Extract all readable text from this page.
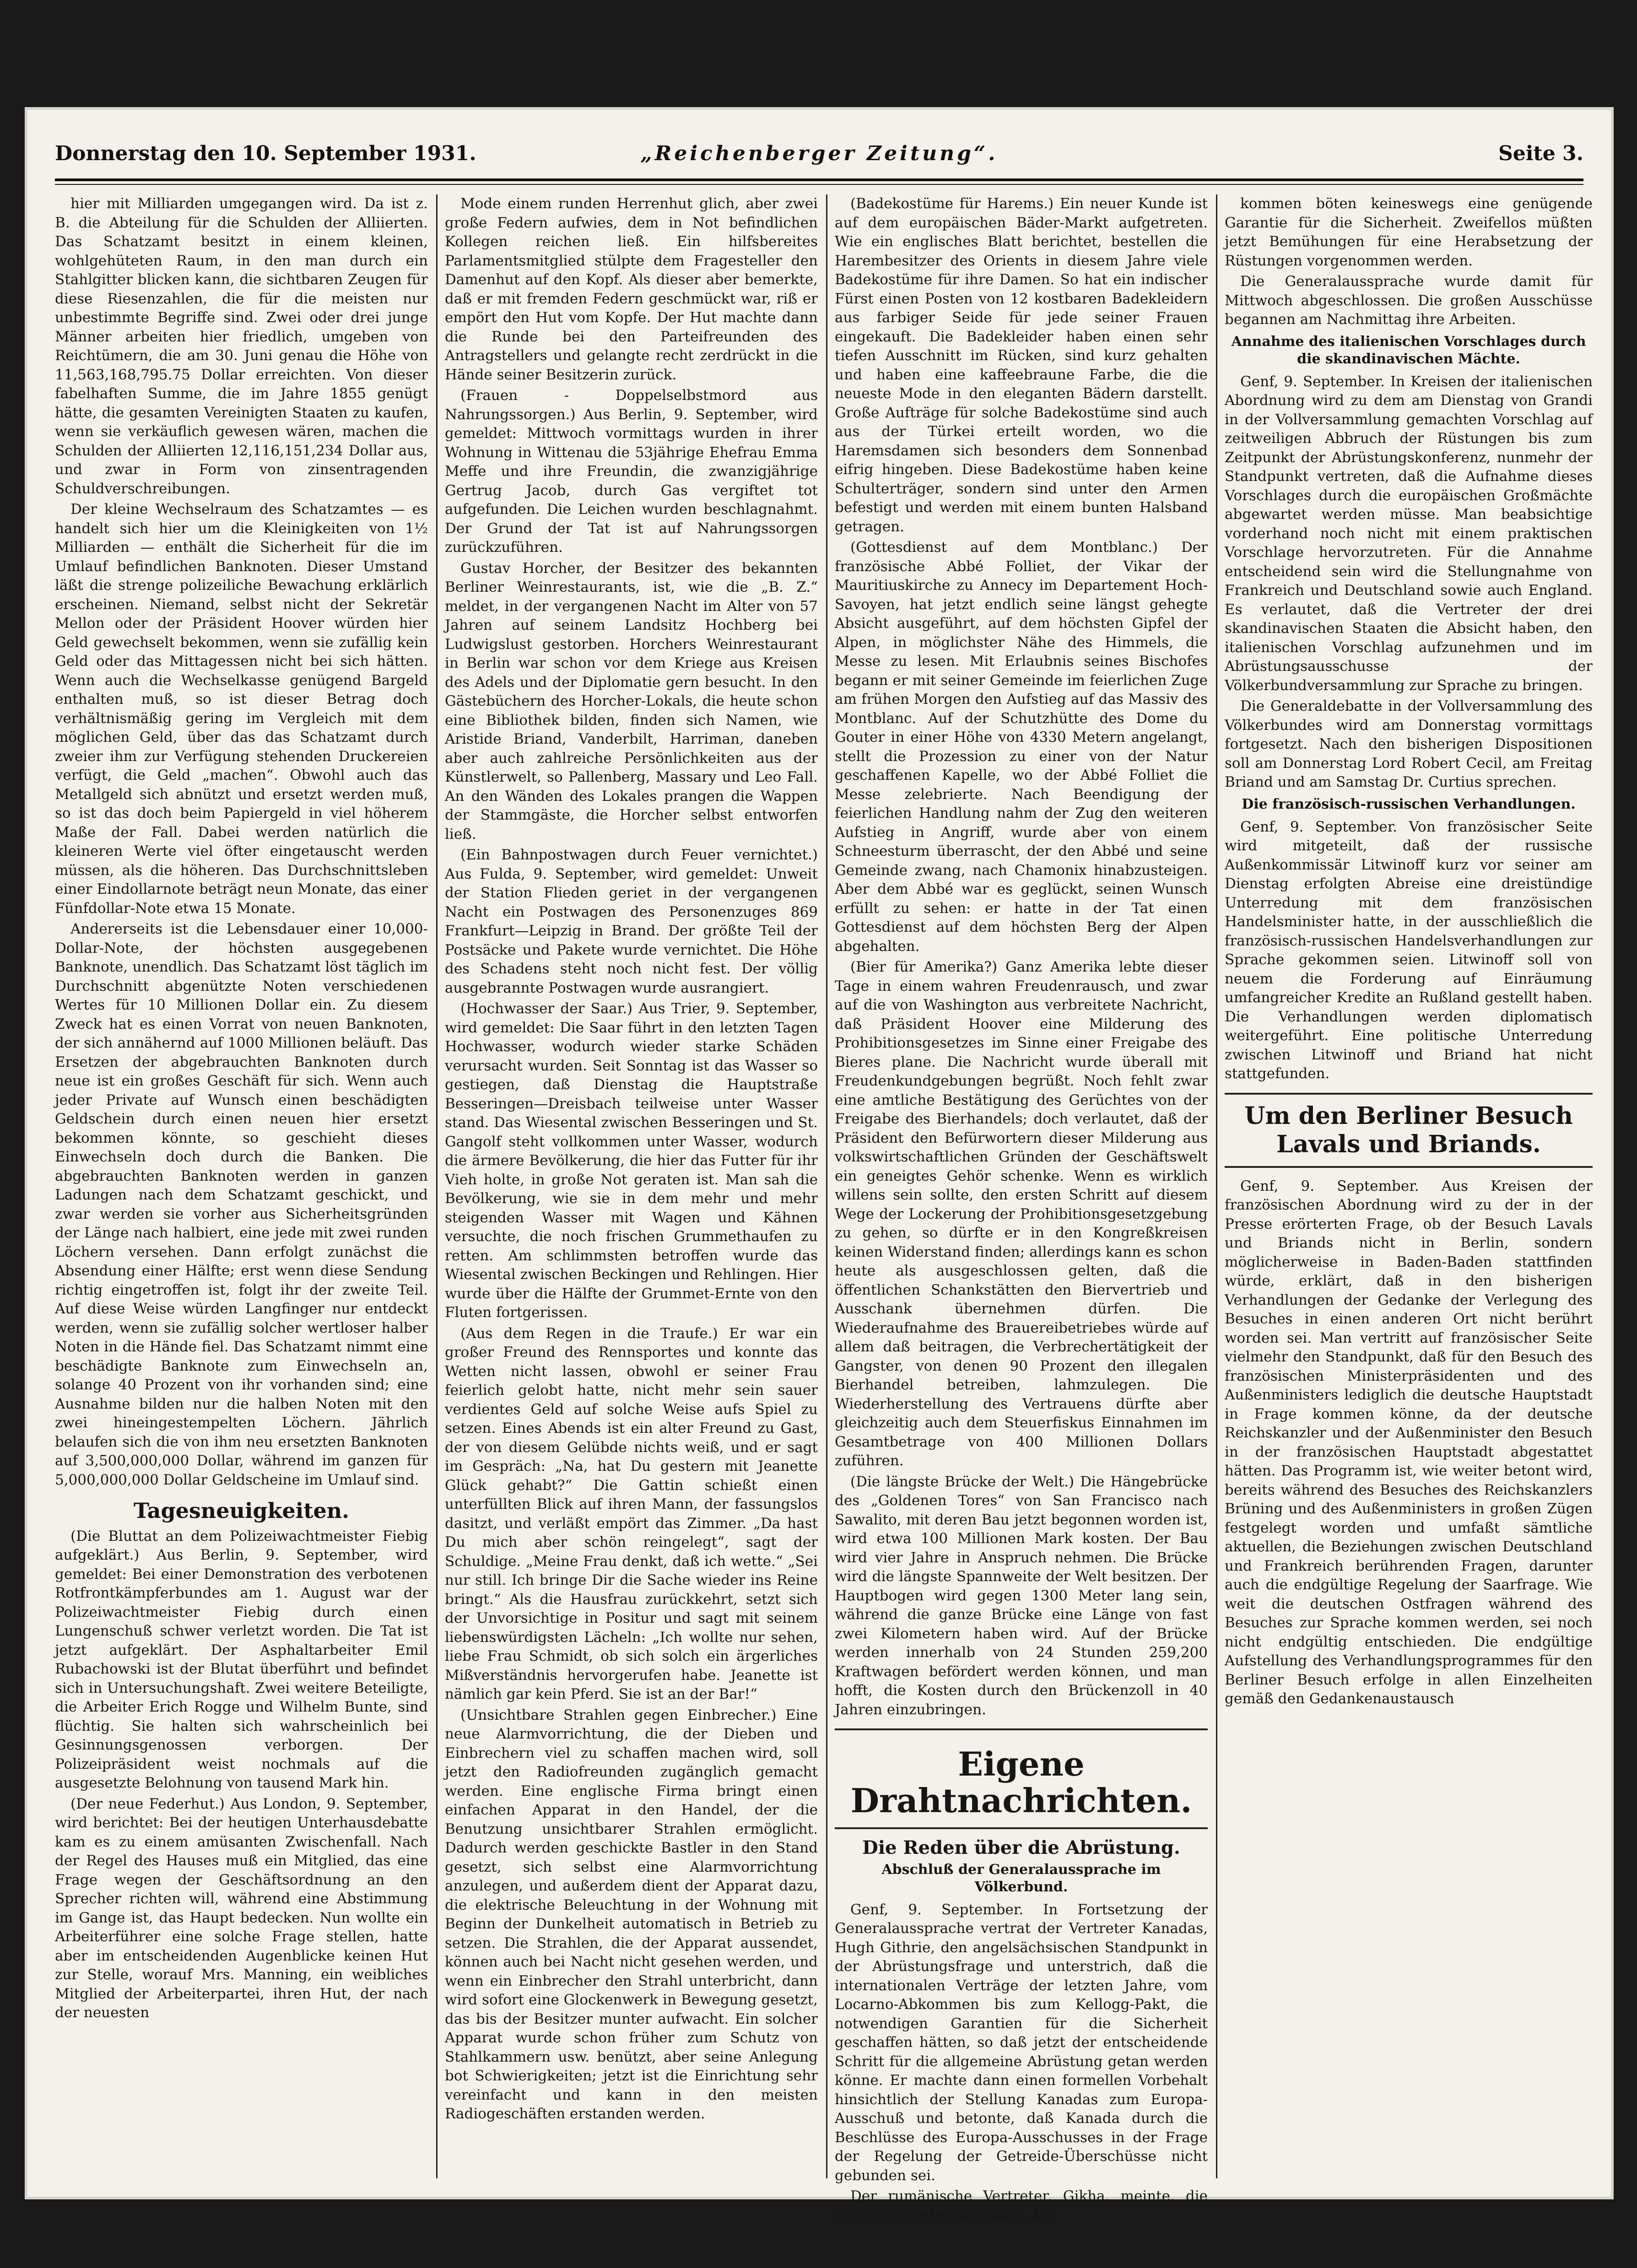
Donnerstag den 10. September 1931.	„Reichenberger Zeitung“.	Seite 3.

hier mit Milliarden umgegangen wird. Da ist z. B. die Abteilung für die Schulden der Alliierten. Das Schatzamt besitzt in einem kleinen, wohlgehüteten Raum, in den man durch ein Stahlgitter blicken kann, die sichtbaren Zeugen für diese Riesenzahlen, die für die meisten nur unbestimmte Begriffe sind. Zwei oder drei junge Männer arbeiten hier friedlich, umgeben von Reichtümern, die am 30. Juni genau die Höhe von 11,563,168,795.75 Dollar erreichten. Von dieser fabelhaften Summe, die im Jahre 1855 genügt hätte, die gesamten Vereinigten Staaten zu kaufen, wenn sie verkäuflich gewesen wären, machen die Schulden der Alliierten 12,116,151,234 Dollar aus, und zwar in Form von zinsentragenden Schuldverschreibungen.

Der kleine Wechselraum des Schatzamtes — es handelt sich hier um die Kleinigkeiten von 1½ Milliarden — enthält die Sicherheit für die im Umlauf befindlichen Banknoten. Dieser Umstand läßt die strenge polizeiliche Bewachung erklärlich erscheinen. Niemand, selbst nicht der Sekretär Mellon oder der Präsident Hoover würden hier Geld gewechselt bekommen, wenn sie zufällig kein Geld oder das Mittagessen nicht bei sich hätten. Wenn auch die Wechselkasse genügend Bargeld enthalten muß, so ist dieser Betrag doch verhältnismäßig gering im Vergleich mit dem möglichen Geld, über das das Schatzamt durch zweier ihm zur Verfügung stehenden Druckereien verfügt, die Geld „machen“. Obwohl auch das Metallgeld sich abnützt und ersetzt werden muß, so ist das doch beim Papiergeld in viel höherem Maße der Fall. Dabei werden natürlich die kleineren Werte viel öfter eingetauscht werden müssen, als die höheren. Das Durchschnittsleben einer Eindollarnote beträgt neun Monate, das einer Fünfdollar-Note etwa 15 Monate.

Andererseits ist die Lebensdauer einer 10,000-Dollar-Note, der höchsten ausgegebenen Banknote, unendlich. Das Schatzamt löst täglich im Durchschnitt abgenützte Noten verschiedenen Wertes für 10 Millionen Dollar ein. Zu diesem Zweck hat es einen Vorrat von neuen Banknoten, der sich annähernd auf 1000 Millionen beläuft. Das Ersetzen der abgebrauchten Banknoten durch neue ist ein großes Geschäft für sich. Wenn auch jeder Private auf Wunsch einen beschädigten Geldschein durch einen neuen hier ersetzt bekommen könnte, so geschieht dieses Einwechseln doch durch die Banken. Die abgebrauchten Banknoten werden in ganzen Ladungen nach dem Schatzamt geschickt, und zwar werden sie vorher aus Sicherheitsgründen der Länge nach halbiert, eine jede mit zwei runden Löchern versehen. Dann erfolgt zunächst die Absendung einer Hälfte; erst wenn diese Sendung richtig eingetroffen ist, folgt ihr der zweite Teil. Auf diese Weise würden Langfinger nur entdeckt werden, wenn sie zufällig solcher wertloser halber Noten in die Hände fiel. Das Schatzamt nimmt eine beschädigte Banknote zum Einwechseln an, solange 40 Prozent von ihr vorhanden sind; eine Ausnahme bilden nur die halben Noten mit den zwei hineingestempelten Löchern. Jährlich belaufen sich die von ihm neu ersetzten Banknoten auf 3,500,000,000 Dollar, während im ganzen für 5,000,000,000 Dollar Geldscheine im Umlauf sind.

Tagesneuigkeiten.

(Die Bluttat an dem Polizeiwachtmeister Fiebig aufgeklärt.) Aus Berlin, 9. September, wird gemeldet: Bei einer Demonstration des verbotenen Rotfrontkämpferbundes am 1. August war der Polizeiwachtmeister Fiebig durch einen Lungenschuß schwer verletzt worden. Die Tat ist jetzt aufgeklärt. Der Asphaltarbeiter Emil Rubachowski ist der Blutat überführt und befindet sich in Untersuchungshaft. Zwei weitere Beteiligte, die Arbeiter Erich Rogge und Wilhelm Bunte, sind flüchtig. Sie halten sich wahrscheinlich bei Gesinnungsgenossen verborgen. Der Polizeipräsident weist nochmals auf die ausgesetzte Belohnung von tausend Mark hin.

(Der neue Federhut.) Aus London, 9. September, wird berichtet: Bei der heutigen Unterhausdebatte kam es zu einem amüsanten Zwischenfall. Nach der Regel des Hauses muß ein Mitglied, das eine Frage wegen der Geschäftsordnung an den Sprecher richten will, während eine Abstimmung im Gange ist, das Haupt bedecken. Nun wollte ein Arbeiterführer eine solche Frage stellen, hatte aber im entscheidenden Augenblicke keinen Hut zur Stelle, worauf Mrs. Manning, ein weibliches Mitglied der Arbeiterpartei, ihren Hut, der nach der neuesten

Mode einem runden Herrenhut glich, aber zwei große Federn aufwies, dem in Not befindlichen Kollegen reichen ließ. Ein hilfsbereites Parlamentsmitglied stülpte dem Fragesteller den Damenhut auf den Kopf. Als dieser aber bemerkte, daß er mit fremden Federn geschmückt war, riß er empört den Hut vom Kopfe. Der Hut machte dann die Runde bei den Parteifreunden des Antragstellers und gelangte recht zerdrückt in die Hände seiner Besitzerin zurück.

(Frauen - Doppelselbstmord aus Nahrungssorgen.) Aus Berlin, 9. September, wird gemeldet: Mittwoch vormittags wurden in ihrer Wohnung in Wittenau die 53jährige Ehefrau Emma Meffe und ihre Freundin, die zwanzigjährige Gertrug Jacob, durch Gas vergiftet tot aufgefunden. Die Leichen wurden beschlagnahmt. Der Grund der Tat ist auf Nahrungssorgen zurückzuführen.

Gustav Horcher, der Besitzer des bekannten Berliner Weinrestaurants, ist, wie die „B. Z.“ meldet, in der vergangenen Nacht im Alter von 57 Jahren auf seinem Landsitz Hochberg bei Ludwigslust gestorben. Horchers Weinrestaurant in Berlin war schon vor dem Kriege aus Kreisen des Adels und der Diplomatie gern besucht. In den Gästebüchern des Horcher-Lokals, die heute schon eine Bibliothek bilden, finden sich Namen, wie Aristide Briand, Vanderbilt, Harriman, daneben aber auch zahlreiche Persönlichkeiten aus der Künstlerwelt, so Pallenberg, Massary und Leo Fall. An den Wänden des Lokales prangen die Wappen der Stammgäste, die Horcher selbst entworfen ließ.

(Ein Bahnpostwagen durch Feuer vernichtet.) Aus Fulda, 9. September, wird gemeldet: Unweit der Station Flieden geriet in der vergangenen Nacht ein Postwagen des Personenzuges 869 Frankfurt—Leipzig in Brand. Der größte Teil der Postsäcke und Pakete wurde vernichtet. Die Höhe des Schadens steht noch nicht fest. Der völlig ausgebrannte Postwagen wurde ausrangiert.

(Hochwasser der Saar.) Aus Trier, 9. September, wird gemeldet: Die Saar führt in den letzten Tagen Hochwasser, wodurch wieder starke Schäden verursacht wurden. Seit Sonntag ist das Wasser so gestiegen, daß Dienstag die Hauptstraße Besseringen—Dreisbach teilweise unter Wasser stand. Das Wiesental zwischen Besseringen und St. Gangolf steht vollkommen unter Wasser, wodurch die ärmere Bevölkerung, die hier das Futter für ihr Vieh holte, in große Not geraten ist. Man sah die Bevölkerung, wie sie in dem mehr und mehr steigenden Wasser mit Wagen und Kähnen versuchte, die noch frischen Grummethaufen zu retten. Am schlimmsten betroffen wurde das Wiesental zwischen Beckingen und Rehlingen. Hier wurde über die Hälfte der Grummet-Ernte von den Fluten fortgerissen.

(Aus dem Regen in die Traufe.) Er war ein großer Freund des Rennsportes und konnte das Wetten nicht lassen, obwohl er seiner Frau feierlich gelobt hatte, nicht mehr sein sauer verdientes Geld auf solche Weise aufs Spiel zu setzen. Eines Abends ist ein alter Freund zu Gast, der von diesem Gelübde nichts weiß, und er sagt im Gespräch: „Na, hat Du gestern mit Jeanette Glück gehabt?“ Die Gattin schießt einen unterfüllten Blick auf ihren Mann, der fassungslos dasitzt, und verläßt empört das Zimmer. „Da hast Du mich aber schön reingelegt“, sagt der Schuldige. „Meine Frau denkt, daß ich wette.“ „Sei nur still. Ich bringe Dir die Sache wieder ins Reine bringt.“ Als die Hausfrau zurückkehrt, setzt sich der Unvorsichtige in Positur und sagt mit seinem liebenswürdigsten Lächeln: „Ich wollte nur sehen, liebe Frau Schmidt, ob sich solch ein ärgerliches Mißverständnis hervorgerufen habe. Jeanette ist nämlich gar kein Pferd. Sie ist an der Bar!“

(Unsichtbare Strahlen gegen Einbrecher.) Eine neue Alarmvorrichtung, die der Dieben und Einbrechern viel zu schaffen machen wird, soll jetzt den Radiofreunden zugänglich gemacht werden. Eine englische Firma bringt einen einfachen Apparat in den Handel, der die Benutzung unsichtbarer Strahlen ermöglicht. Dadurch werden geschickte Bastler in den Stand gesetzt, sich selbst eine Alarmvorrichtung anzulegen, und außerdem dient der Apparat dazu, die elektrische Beleuchtung in der Wohnung mit Beginn der Dunkelheit automatisch in Betrieb zu setzen. Die Strahlen, die der Apparat aussendet, können auch bei Nacht nicht gesehen werden, und wenn ein Einbrecher den Strahl unterbricht, dann wird sofort eine Glockenwerk in Bewegung gesetzt, das bis der Besitzer munter aufwacht. Ein solcher Apparat wurde schon früher zum Schutz von Stahlkammern usw. benützt, aber seine Anlegung bot Schwierigkeiten; jetzt ist die Einrichtung sehr vereinfacht und kann in den meisten Radiogeschäften erstanden werden.

(Badekostüme für Harems.) Ein neuer Kunde ist auf dem europäischen Bäder-Markt aufgetreten. Wie ein englisches Blatt berichtet, bestellen die Harembesitzer des Orients in diesem Jahre viele Badekostüme für ihre Damen. So hat ein indischer Fürst einen Posten von 12 kostbaren Badekleidern aus farbiger Seide für jede seiner Frauen eingekauft. Die Badekleider haben einen sehr tiefen Ausschnitt im Rücken, sind kurz gehalten und haben eine kaffeebraune Farbe, die die neueste Mode in den eleganten Bädern darstellt. Große Aufträge für solche Badekostüme sind auch aus der Türkei erteilt worden, wo die Haremsdamen sich besonders dem Sonnenbad eifrig hingeben. Diese Badekostüme haben keine Schulterträger, sondern sind unter den Armen befestigt und werden mit einem bunten Halsband getragen.

(Gottesdienst auf dem Montblanc.) Der französische Abbé Folliet, der Vikar der Mauritiuskirche zu Annecy im Departement Hoch-Savoyen, hat jetzt endlich seine längst gehegte Absicht ausgeführt, auf dem höchsten Gipfel der Alpen, in möglichster Nähe des Himmels, die Messe zu lesen. Mit Erlaubnis seines Bischofes begann er mit seiner Gemeinde im feierlichen Zuge am frühen Morgen den Aufstieg auf das Massiv des Montblanc. Auf der Schutzhütte des Dome du Gouter in einer Höhe von 4330 Metern angelangt, stellt die Prozession zu einer von der Natur geschaffenen Kapelle, wo der Abbé Folliet die Messe zelebrierte. Nach Beendigung der feierlichen Handlung nahm der Zug den weiteren Aufstieg in Angriff, wurde aber von einem Schneesturm überrascht, der den Abbé und seine Gemeinde zwang, nach Chamonix hinabzusteigen. Aber dem Abbé war es geglückt, seinen Wunsch erfüllt zu sehen: er hatte in der Tat einen Gottesdienst auf dem höchsten Berg der Alpen abgehalten.

(Bier für Amerika?) Ganz Amerika lebte dieser Tage in einem wahren Freudenrausch, und zwar auf die von Washington aus verbreitete Nachricht, daß Präsident Hoover eine Milderung des Prohibitionsgesetzes im Sinne einer Freigabe des Bieres plane. Die Nachricht wurde überall mit Freudenkundgebungen begrüßt. Noch fehlt zwar eine amtliche Bestätigung des Gerüchtes von der Freigabe des Bierhandels; doch verlautet, daß der Präsident den Befürwortern dieser Milderung aus volkswirtschaftlichen Gründen der Geschäftswelt ein geneigtes Gehör schenke. Wenn es wirklich willens sein sollte, den ersten Schritt auf diesem Wege der Lockerung der Prohibitionsgesetzgebung zu gehen, so dürfte er in den Kongreßkreisen keinen Widerstand finden; allerdings kann es schon heute als ausgeschlossen gelten, daß die öffentlichen Schankstätten den Biervertrieb und Ausschank übernehmen dürfen. Die Wiederaufnahme des Brauereibetriebes würde auf allem daß beitragen, die Verbrechertätigkeit der Gangster, von denen 90 Prozent den illegalen Bierhandel betreiben, lahmzulegen. Die Wiederherstellung des Vertrauens dürfte aber gleichzeitig auch dem Steuerfiskus Einnahmen im Gesamtbetrage von 400 Millionen Dollars zuführen.

(Die längste Brücke der Welt.) Die Hängebrücke des „Goldenen Tores“ von San Francisco nach Sawalito, mit deren Bau jetzt begonnen worden ist, wird etwa 100 Millionen Mark kosten. Der Bau wird vier Jahre in Anspruch nehmen. Die Brücke wird die längste Spannweite der Welt besitzen. Der Hauptbogen wird gegen 1300 Meter lang sein, während die ganze Brücke eine Länge von fast zwei Kilometern haben wird. Auf der Brücke werden innerhalb von 24 Stunden 259,200 Kraftwagen befördert werden können, und man hofft, die Kosten durch den Brückenzoll in 40 Jahren einzubringen.

Eigene Drahtnachrichten.
Die Reden über die Abrüstung.
Abschluß der Generalaussprache im Völkerbund.

Genf, 9. September. In Fortsetzung der Generalaussprache vertrat der Vertreter Kanadas, Hugh Githrie, den angelsächsischen Standpunkt in der Abrüstungsfrage und unterstrich, daß die internationalen Verträge der letzten Jahre, vom Locarno-Abkommen bis zum Kellogg-Pakt, die notwendigen Garantien für die Sicherheit geschaffen hätten, so daß jetzt der entscheidende Schritt für die allgemeine Abrüstung getan werden könne. Er machte dann einen formellen Vorbehalt hinsichtlich der Stellung Kanadas zum Europa-Ausschuß und betonte, daß Kanada durch die Beschlüsse des Europa-Ausschusses in der Frage der Regelung der Getreide-Überschüsse nicht gebunden sei.

Der rumänische Vertreter, Gikha, meinte, die bisherigen internationalen Ab-

kommen böten keineswegs eine genügende Garantie für die Sicherheit. Zweifellos müßten jetzt Bemühungen für eine Herabsetzung der Rüstungen vorgenommen werden.

Die Generalaussprache wurde damit für Mittwoch abgeschlossen. Die großen Ausschüsse begannen am Nachmittag ihre Arbeiten.

Annahme des italienischen Vorschlages durch die skandinavischen Mächte.

Genf, 9. September. In Kreisen der italienischen Abordnung wird zu dem am Dienstag von Grandi in der Vollversammlung gemachten Vorschlag auf zeitweiligen Abbruch der Rüstungen bis zum Zeitpunkt der Abrüstungskonferenz, nunmehr der Standpunkt vertreten, daß die Aufnahme dieses Vorschlages durch die europäischen Großmächte abgewartet werden müsse. Man beabsichtige vorderhand noch nicht mit einem praktischen Vorschlage hervorzutreten. Für die Annahme entscheidend sein wird die Stellungnahme von Frankreich und Deutschland sowie auch England. Es verlautet, daß die Vertreter der drei skandinavischen Staaten die Absicht haben, den italienischen Vorschlag aufzunehmen und im Abrüstungsausschusse der Völkerbundversammlung zur Sprache zu bringen.

Die Generaldebatte in der Vollversammlung des Völkerbundes wird am Donnerstag vormittags fortgesetzt. Nach den bisherigen Dispositionen soll am Donnerstag Lord Robert Cecil, am Freitag Briand und am Samstag Dr. Curtius sprechen.

Die französisch-russischen Verhandlungen.

Genf, 9. September. Von französischer Seite wird mitgeteilt, daß der russische Außenkommissär Litwinoff kurz vor seiner am Dienstag erfolgten Abreise eine dreistündige Unterredung mit dem französischen Handelsminister hatte, in der ausschließlich die französisch-russischen Handelsverhandlungen zur Sprache gekommen seien. Litwinoff soll von neuem die Forderung auf Einräumung umfangreicher Kredite an Rußland gestellt haben. Die Verhandlungen werden diplomatisch weitergeführt. Eine politische Unterredung zwischen Litwinoff und Briand hat nicht stattgefunden.

Um den Berliner Besuch Lavals und Briands.

Genf, 9. September. Aus Kreisen der französischen Abordnung wird zu der in der Presse erörterten Frage, ob der Besuch Lavals und Briands nicht in Berlin, sondern möglicherweise in Baden-Baden stattfinden würde, erklärt, daß in den bisherigen Verhandlungen der Gedanke der Verlegung des Besuches in einen anderen Ort nicht berührt worden sei. Man vertritt auf französischer Seite vielmehr den Standpunkt, daß für den Besuch des französischen Ministerpräsidenten und des Außenministers lediglich die deutsche Hauptstadt in Frage kommen könne, da der deutsche Reichskanzler und der Außenminister den Besuch in der französischen Hauptstadt abgestattet hätten. Das Programm ist, wie weiter betont wird, bereits während des Besuches des Reichskanzlers Brüning und des Außenministers in großen Zügen festgelegt worden und umfaßt sämtliche aktuellen, die Beziehungen zwischen Deutschland und Frankreich berührenden Fragen, darunter auch die endgültige Regelung der Saarfrage. Wie weit die deutschen Ostfragen während des Besuches zur Sprache kommen werden, sei noch nicht endgültig entschieden. Die endgültige Aufstellung des Verhandlungsprogrammes für den Berliner Besuch erfolge in allen Einzelheiten gemäß den Gedankenaustausch
